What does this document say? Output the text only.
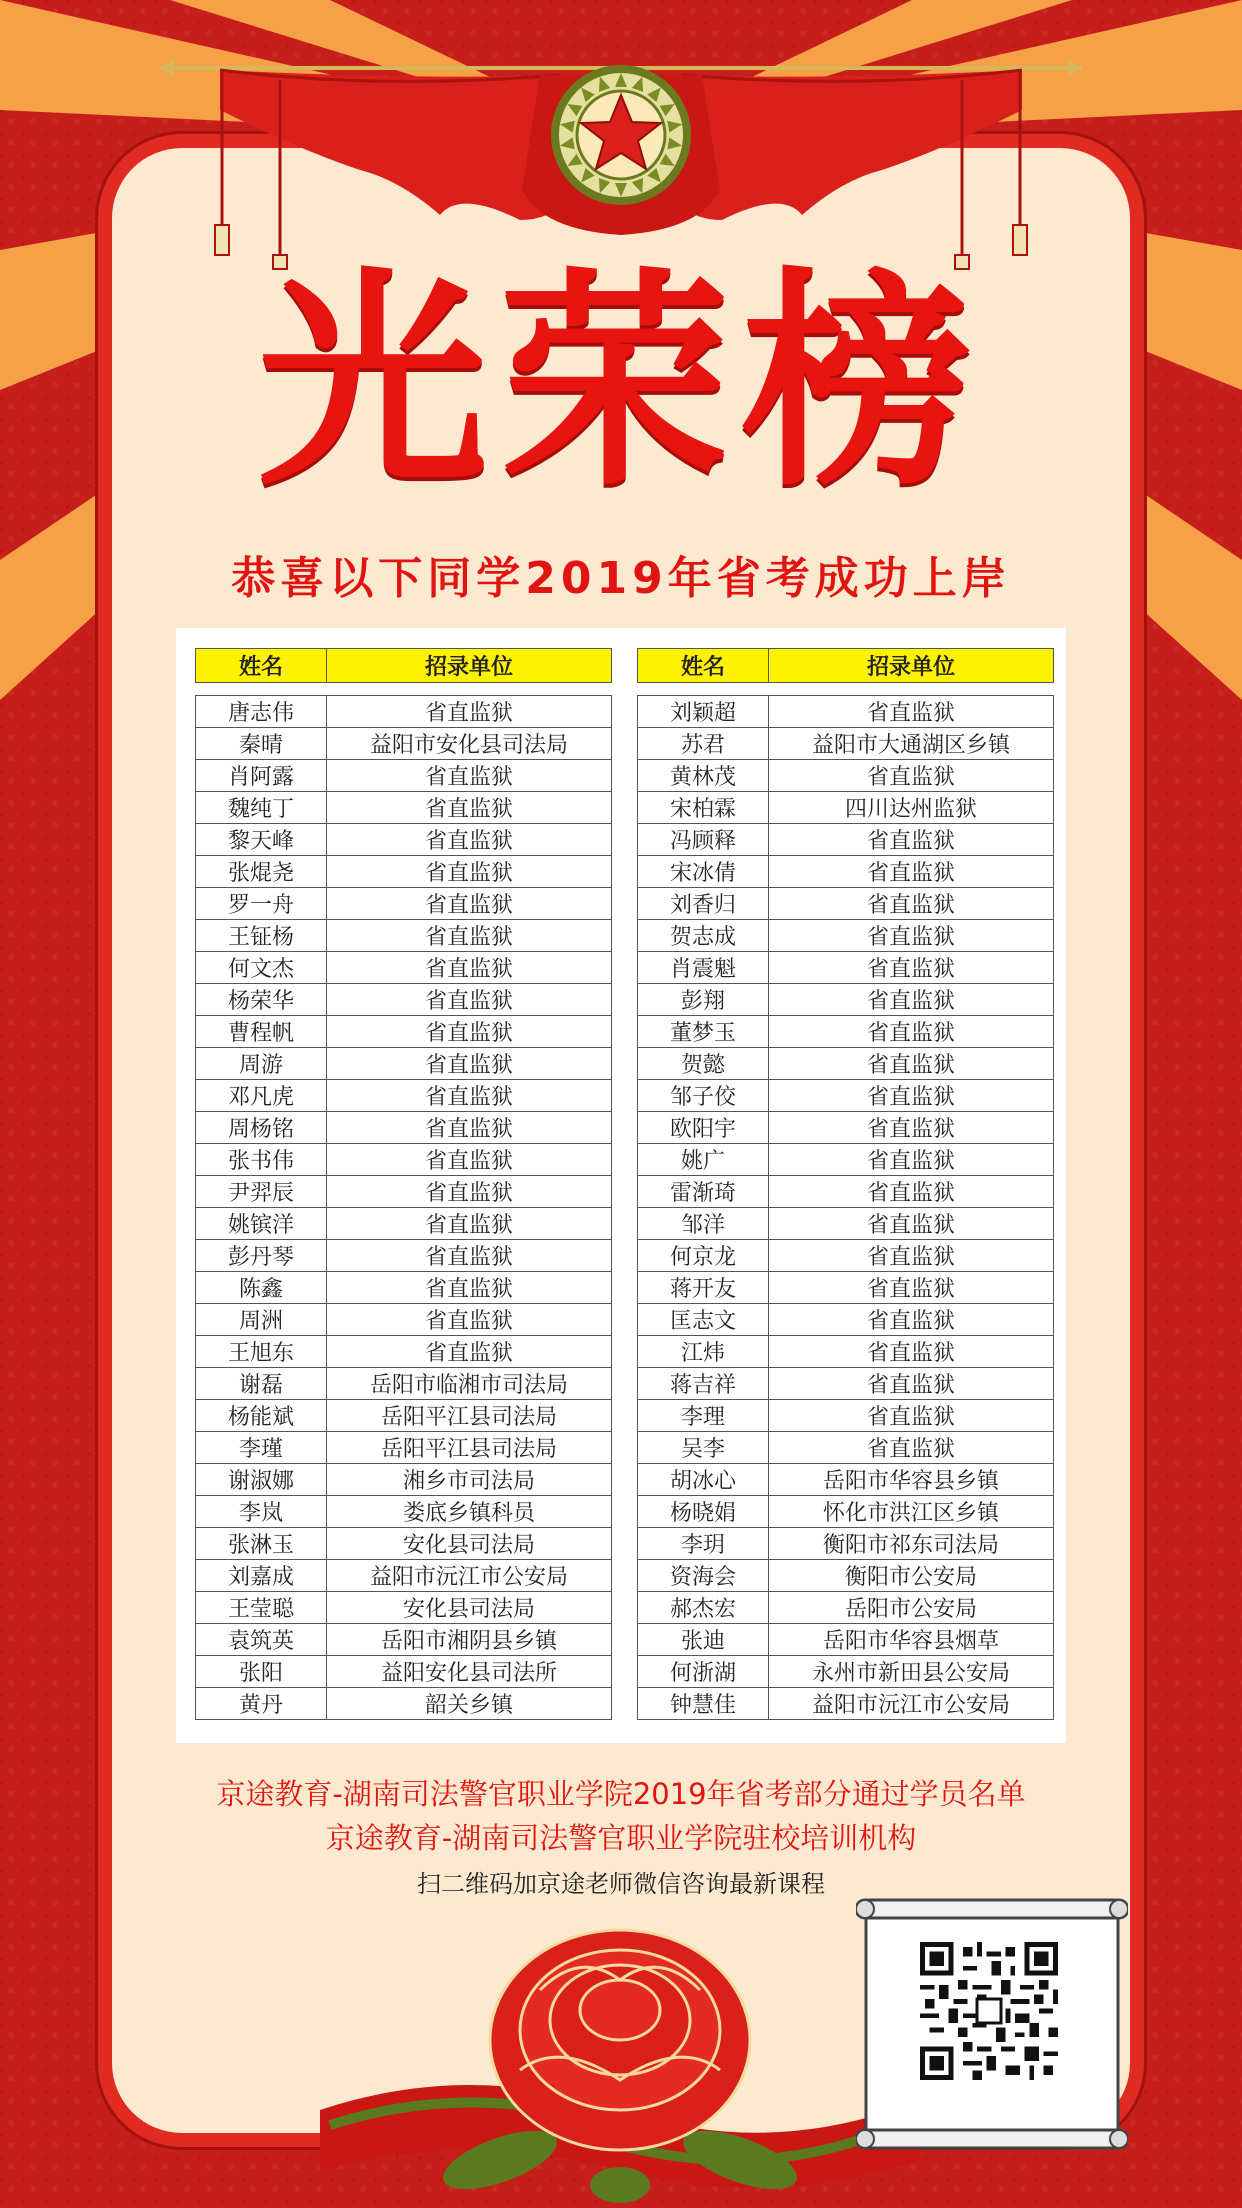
光荣榜
恭喜以下同学2019年省考成功上岸
姓名	招录单位

唐志伟	省直监狱
秦晴	益阳市安化县司法局
肖阿露	省直监狱
魏纯丁	省直监狱
黎天峰	省直监狱
张焜尧	省直监狱
罗一舟	省直监狱
王钲杨	省直监狱
何文杰	省直监狱
杨荣华	省直监狱
曹程帆	省直监狱
周游	省直监狱
邓凡虎	省直监狱
周杨铭	省直监狱
张书伟	省直监狱
尹羿辰	省直监狱
姚镔洋	省直监狱
彭丹琴	省直监狱
陈鑫	省直监狱
周洲	省直监狱
王旭东	省直监狱
谢磊	岳阳市临湘市司法局
杨能斌	岳阳平江县司法局
李瑾	岳阳平江县司法局
谢淑娜	湘乡市司法局
李岚	娄底乡镇科员
张淋玉	安化县司法局
刘嘉成	益阳市沅江市公安局
王莹聪	安化县司法局
袁筑英	岳阳市湘阴县乡镇
张阳	益阳安化县司法所
黄丹	韶关乡镇
姓名	招录单位

刘颖超	省直监狱
苏君	益阳市大通湖区乡镇
黄林茂	省直监狱
宋柏霖	四川达州监狱
冯顾释	省直监狱
宋冰倩	省直监狱
刘香归	省直监狱
贺志成	省直监狱
肖震魁	省直监狱
彭翔	省直监狱
董梦玉	省直监狱
贺懿	省直监狱
邹子佼	省直监狱
欧阳宇	省直监狱
姚广	省直监狱
雷渐琦	省直监狱
邹洋	省直监狱
何京龙	省直监狱
蒋开友	省直监狱
匡志文	省直监狱
江炜	省直监狱
蒋吉祥	省直监狱
李理	省直监狱
吴李	省直监狱
胡冰心	岳阳市华容县乡镇
杨晓娟	怀化市洪江区乡镇
李玥	衡阳市祁东司法局
资海会	衡阳市公安局
郝杰宏	岳阳市公安局
张迪	岳阳市华容县烟草
何浙湖	永州市新田县公安局
钟慧佳	益阳市沅江市公安局
京途教育-湖南司法警官职业学院2019年省考部分通过学员名单
京途教育-湖南司法警官职业学院驻校培训机构
扫二维码加京途老师微信咨询最新课程
